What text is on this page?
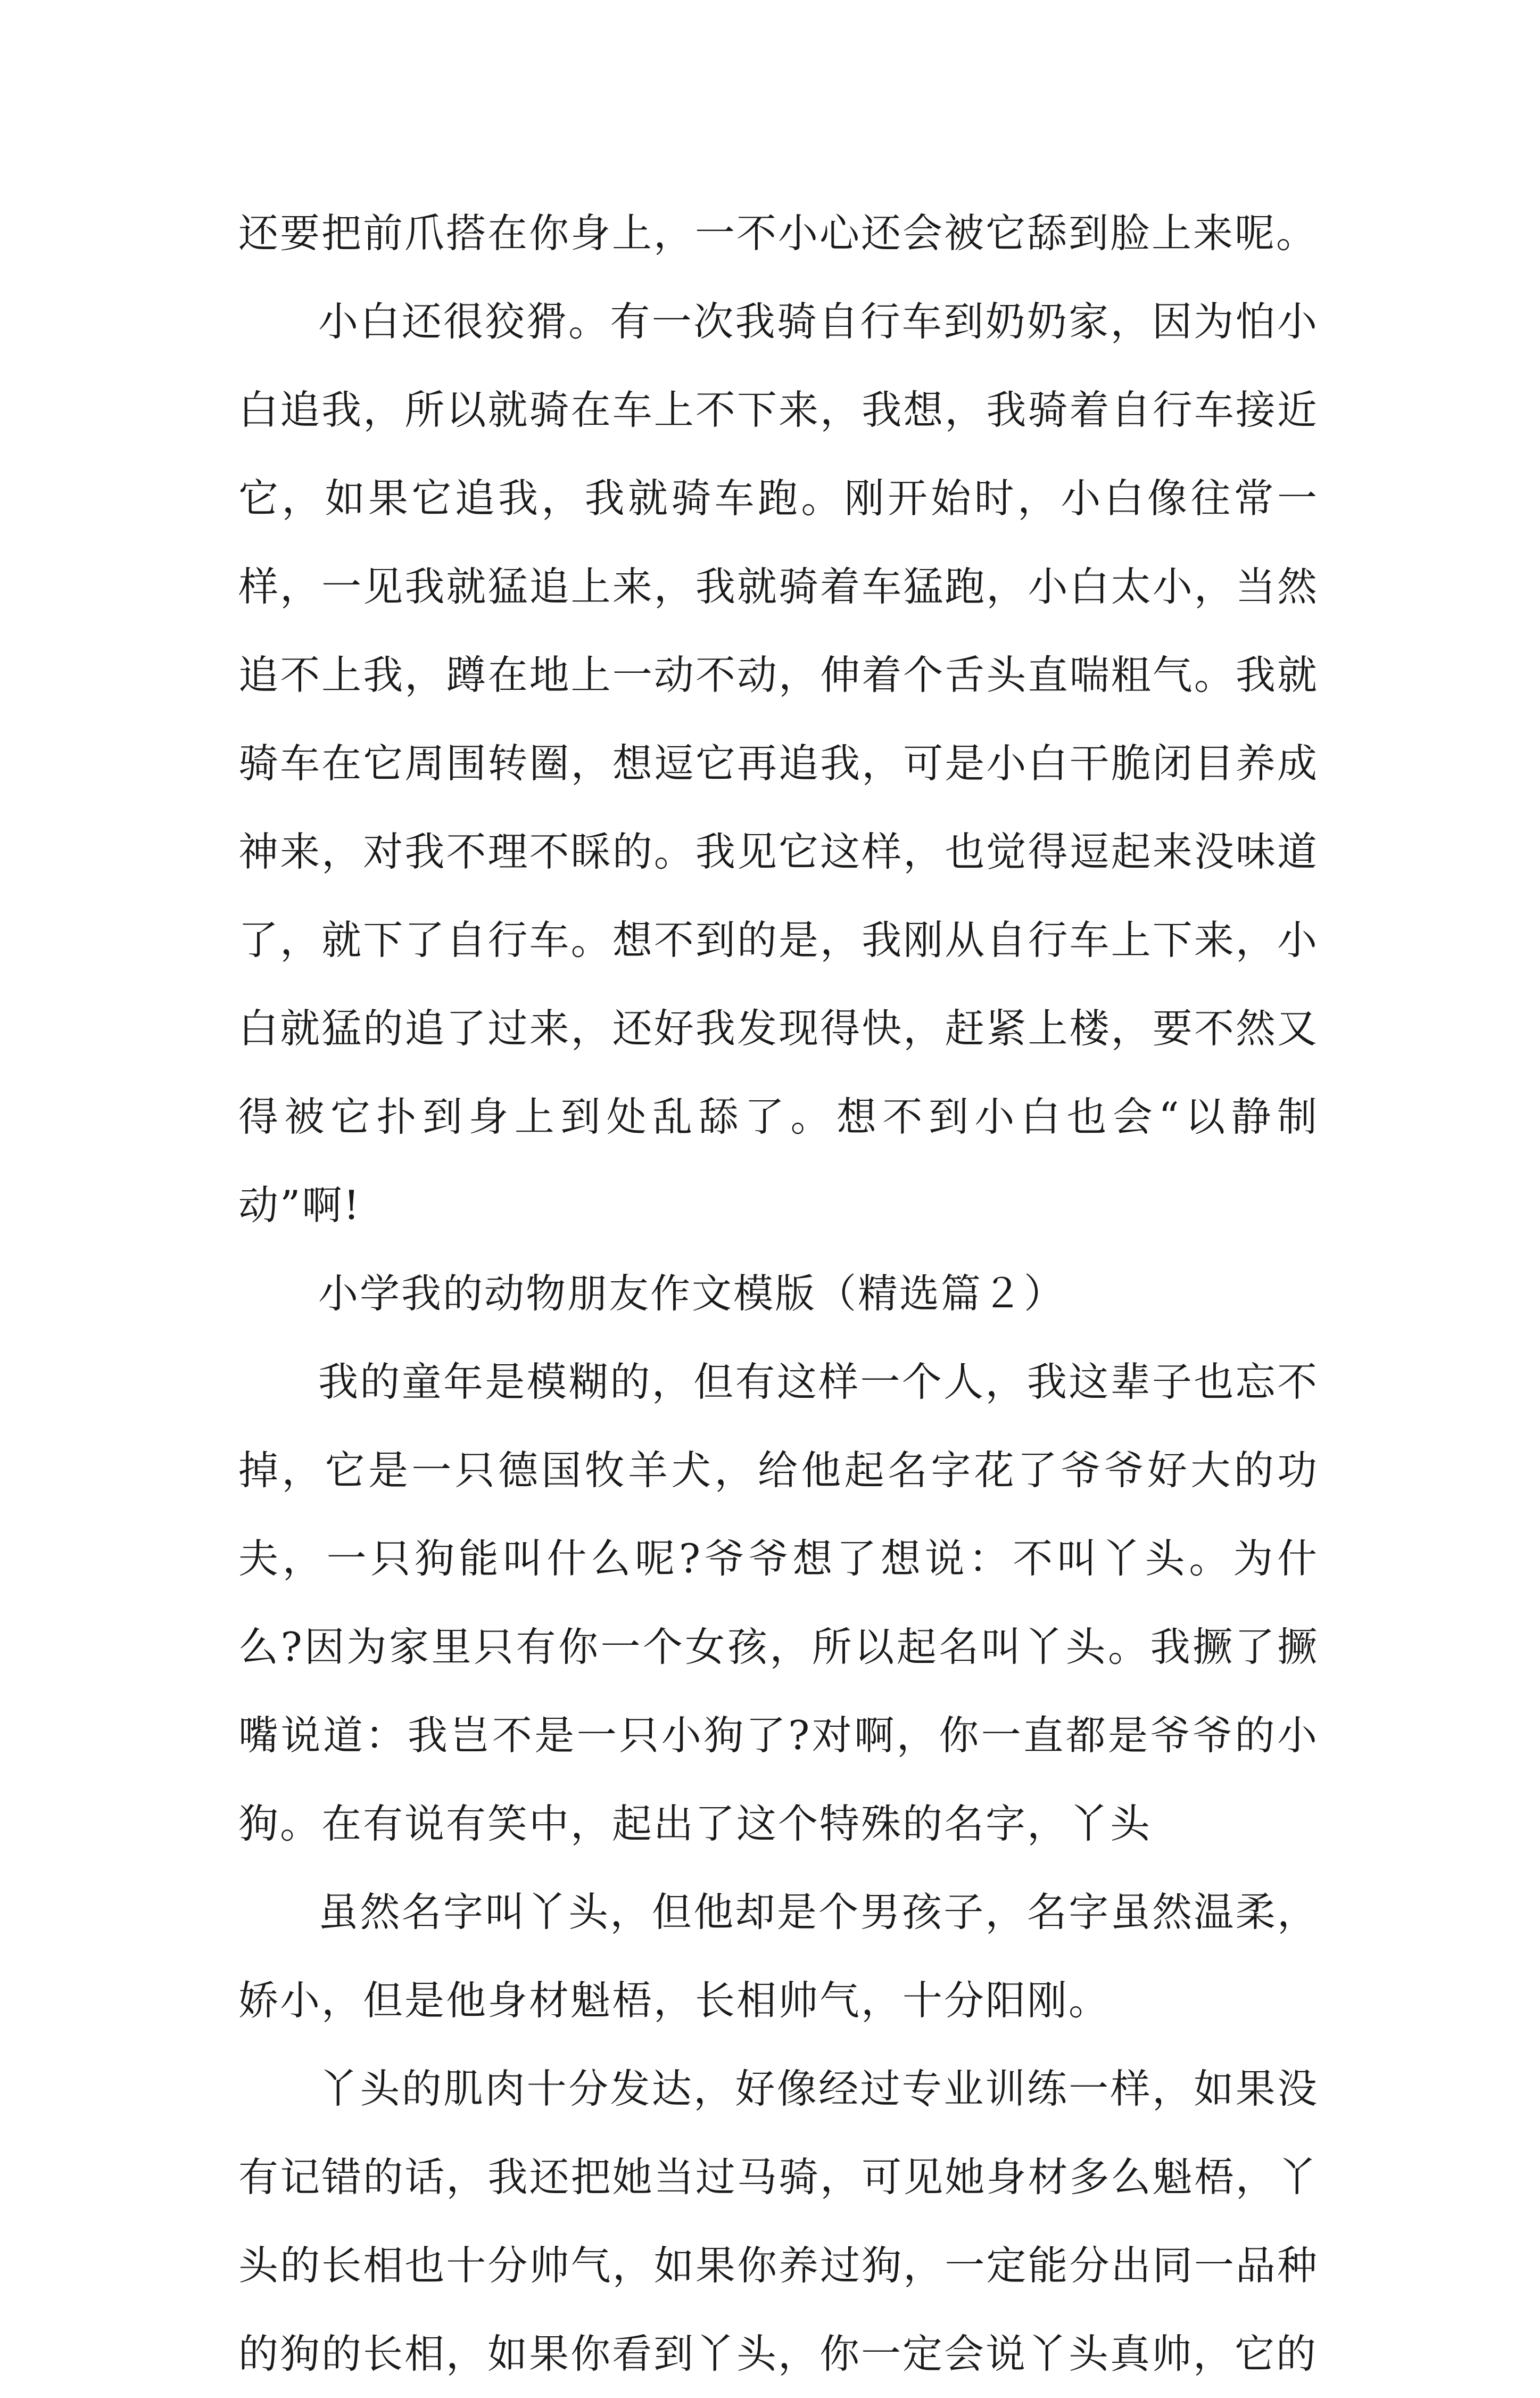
还要把前爪搭在你身上，一不小心还会被它舔到脸上来呢。

小白还很狡猾。有一次我骑自行车到奶奶家，因为怕小白追我，所以就骑在车上不下来，我想，我骑着自行车接近它，如果它追我，我就骑车跑。刚开始时，小白像往常一样，一见我就猛追上来，我就骑着车猛跑，小白太小，当然追不上我，蹲在地上一动不动，伸着个舌头直喘粗气。我就骑车在它周围转圈，想逗它再追我，可是小白干脆闭目养成神来，对我不理不睬的。我见它这样，也觉得逗起来没味道了，就下了自行车。想不到的是，我刚从自行车上下来，小白就猛的追了过来，还好我发现得快，赶紧上楼，要不然又得被它扑到身上到处乱舔了。想不到小白也会“以静制动”啊!

小学我的动物朋友作文模版（精选篇２）

我的童年是模糊的，但有这样一个人，我这辈子也忘不掉，它是一只德国牧羊犬，给他起名字花了爷爷好大的功夫，一只狗能叫什么呢?爷爷想了想说：不叫丫头。为什么?因为家里只有你一个女孩，所以起名叫丫头。我撅了撅嘴说道：我岂不是一只小狗了?对啊，你一直都是爷爷的小狗。在有说有笑中，起出了这个特殊的名字，丫头

虽然名字叫丫头，但他却是个男孩子，名字虽然温柔，娇小，但是他身材魁梧，长相帅气，十分阳刚。

丫头的肌肉十分发达，好像经过专业训练一样，如果没有记错的话，我还把她当过马骑，可见她身材多么魁梧，丫头的长相也十分帅气，如果你养过狗，一定能分出同一品种的狗的长相，如果你看到丫头，你一定会说丫头真帅，它的
